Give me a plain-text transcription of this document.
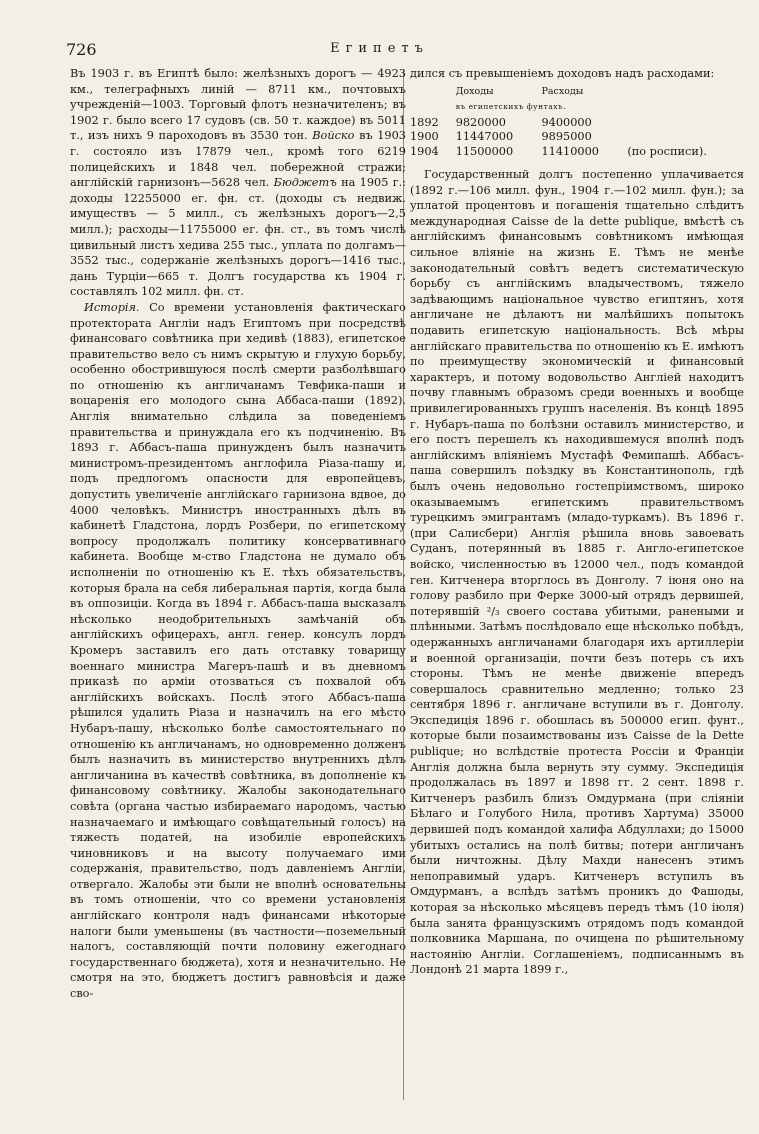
726	Египетъ

Въ 1903 г. въ Египтѣ было: желѣзныхъ дорогъ — 4923 км., телеграфныхъ линій — 8711 км., почтовыхъ учрежденій—1003. Торговый флотъ незначителенъ; въ 1902 г. было всего 17 судовъ (св. 50 т. каждое) въ 5011 т., изъ нихъ 9 пароходовъ въ 3530 тон. Войско въ 1903 г. состояло изъ 17879 чел., кромѣ того 6219 полицейскихъ и 1848 чел. побережной стражи; англійскій гарнизонъ—5628 чел. Бюджетъ на 1905 г.: доходы 12255000 ег. фн. ст. (доходы съ недвиж. имуществъ — 5 милл., съ желѣзныхъ дорогъ—2,5 милл.); расходы—11755000 ег. фн. ст., въ томъ числѣ цивильный листъ хедива 255 тыс., уплата по долгамъ—3552 тыс., содержаніе желѣзныхъ дорогъ—1416 тыс., дань Турціи—665 т. Долгъ государства къ 1904 г. составлялъ 102 милл. фн. ст.

Исторія. Со времени установленія фактическаго протектората Англіи надъ Египтомъ при посредствѣ финансоваго совѣтника при хедивѣ (1883), египетское правительство вело съ нимъ скрытую и глухую борьбу, особенно обострившуюся послѣ смерти разболѣвшаго по отношенію къ англичанамъ Тевфика-паши и воцаренія его молодого сына Аббаса-паши (1892). Англія внимательно слѣдила за поведеніемъ правительства и принуждала его къ подчиненію. Въ 1893 г. Аббасъ-паша принужденъ былъ назначить министромъ-президентомъ англофила Ріаза-пашу и, подъ предлогомъ опасности для европейцевъ, допустить увеличеніе англійскаго гарнизона вдвое, до 4000 человѣкъ. Министръ иностранныхъ дѣлъ въ кабинетѣ Гладстона, лордъ Розбери, по египетскому вопросу продолжалъ политику консервативнаго кабинета. Вообще м-ство Гладстона не думало объ исполненіи по отношенію къ Е. тѣхъ обязательствъ, которыя брала на себя либеральная партія, когда была въ оппозиціи. Когда въ 1894 г. Аббасъ-паша высказалъ нѣсколько неодобрительныхъ замѣчаній объ англійскихъ офицерахъ, англ. генер. консулъ лордъ Кромеръ заставилъ его дать отставку товарищу военнаго министра Магеръ-пашѣ и въ дневномъ приказѣ по арміи отозваться съ похвалой объ англійскихъ войскахъ. Послѣ этого Аббасъ-паша рѣшился удалить Ріаза и назначилъ на его мѣсто Нубаръ-пашу, нѣсколько болѣе самостоятельнаго по отношенію къ англичанамъ, но одновременно долженъ былъ назначить въ министерство внутреннихъ дѣлъ англичанина въ качествѣ совѣтника, въ дополненіе къ финансовому совѣтнику. Жалобы законодательнаго совѣта (органа частью избираемаго народомъ, частью назначаемаго и имѣющаго совѣщательный голосъ) на тяжесть податей, на изобиліе европейскихъ чиновниковъ и на высоту получаемаго ими содержанія, правительство, подъ давленіемъ Англіи, отвергало. Жалобы эти были не вполнѣ основательны въ томъ отношеніи, что со времени установленія англійскаго контроля надъ финансами нѣкоторые налоги были уменьшены (въ частности—поземельный налогъ, составляющій почти половину ежегоднаго государственнаго бюджета), хотя и незначительно. Не смотря на это, бюджетъ достигъ равновѣсія и даже сво-

дился съ превышеніемъ доходовъ надъ расходами:

	Доходы	Расходы	

	въ египетскихъ фунтахъ.		

1892	9820000	9400000	
1900	11447000	9895000	
1904	11500000	11410000	(по росписи).

Государственный долгъ постепенно уплачивается (1892 г.—106 милл. фун., 1904 г.—102 милл. фун.); за уплатой процентовъ и погашенія тщательно слѣдитъ международная Caisse de la dette publique, вмѣстѣ съ англійскимъ финансовымъ совѣтникомъ имѣющая сильное вліяніе на жизнь Е. Тѣмъ не менѣе законодательный совѣтъ ведетъ систематическую борьбу съ англійскимъ владычествомъ, тяжело задѣвающимъ національное чувство египтянъ, хотя англичане не дѣлаютъ ни малѣйшихъ попытокъ подавить египетскую національность. Всѣ мѣры англійскаго правительства по отношенію къ Е. имѣютъ по преимуществу экономическій и финансовый характеръ, и потому водовольство Англіей находитъ почву главнымъ образомъ среди военныхъ и вообще привилегированныхъ группъ населенія. Въ концѣ 1895 г. Нубаръ-паша по болѣзни оставилъ министерство, и его постъ перешелъ къ находившемуся вполнѣ подъ англійскимъ вліяніемъ Мустафѣ Фемипашѣ. Аббасъ-паша совершилъ поѣздку въ Константинополь, гдѣ былъ очень недовольно гостепріимствомъ, широко оказываемымъ египетскимъ правительствомъ турецкимъ эмигрантамъ (младо-туркамъ). Въ 1896 г. (при Салисбери) Англія рѣшила вновь завоевать Суданъ, потерянный въ 1885 г. Англо-египетское войско, численностью въ 12000 чел., подъ командой ген. Китченера вторглось въ Донголу. 7 іюня оно на голову разбило при Феркe 3000-ый отрядъ дервишей, потерявшій ²/₃ своего состава убитыми, ранеными и плѣнными. Затѣмъ послѣдовало еще нѣсколько побѣдъ, одержанныхъ англичанами благодаря ихъ артиллеріи и военной организаціи, почти безъ потерь съ ихъ стороны. Тѣмъ не менѣе движеніе впередъ совершалось сравнительно медленно; только 23 сентября 1896 г. англичане вступили въ г. Донголу. Экспедиція 1896 г. обошлась въ 500000 егип. фунт., которые были позаимствованы изъ Caisse de la Dette publique; но вслѣдствіе протеста Россіи и Франціи Англія должна была вернуть эту сумму. Экспедиція продолжалась въ 1897 и 1898 гг. 2 сент. 1898 г. Китченеръ разбилъ близъ Омдурмана (при сліяніи Бѣлаго и Голубого Нила, противъ Хартума) 35000 дервишей подъ командой халифа Абдуллахи; до 15000 убитыхъ остались на полѣ битвы; потери англичанъ были ничтожны. Дѣлу Махди нанесенъ этимъ непоправимый ударъ. Китченеръ вступилъ въ Омдурманъ, а вслѣдъ затѣмъ проникъ до Фашоды, которая за нѣсколько мѣсяцевъ передъ тѣмъ (10 іюля) была занята французскимъ отрядомъ подъ командой полковника Маршана, по очищена по рѣшительному настоянію Англіи. Соглашеніемъ, подписаннымъ въ Лондонѣ 21 марта 1899 г.,
